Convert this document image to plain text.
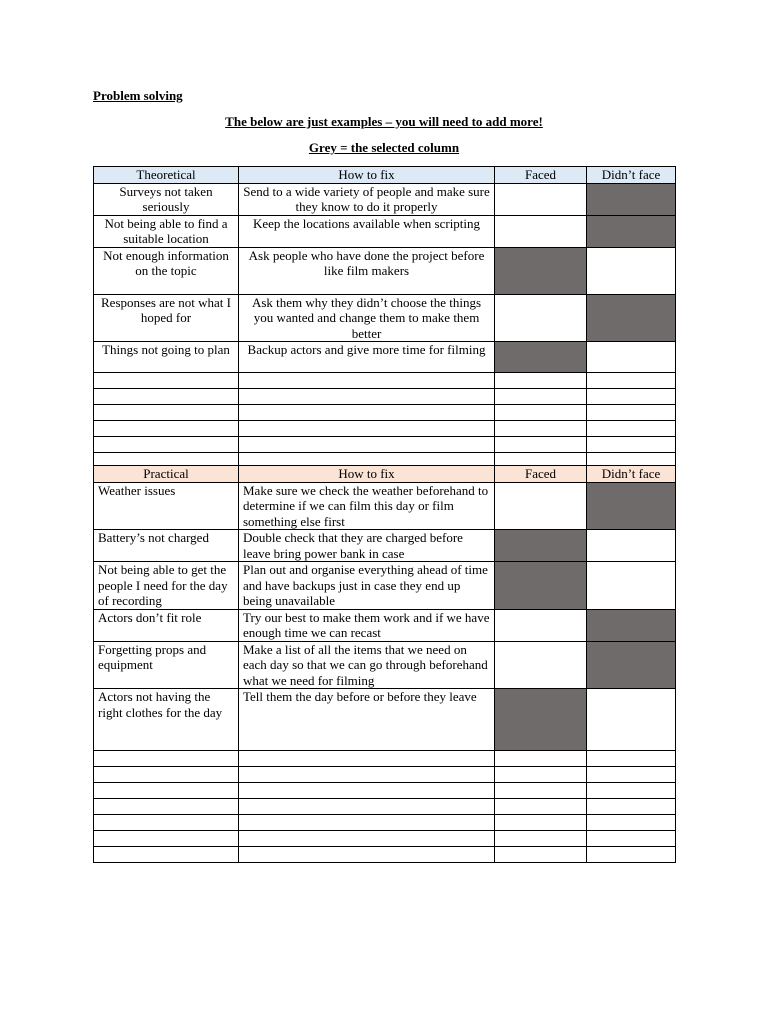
Problem solving
The below are just examples – you will need to add more!
Grey = the selected column
Theoretical	How to fix	Faced	Didn’t face
Surveys not taken seriously	Send to a wide variety of people and make sure they know to do it properly		
Not being able to find a suitable location	Keep the locations available when scripting		
Not enough information on the topic	Ask people who have done the project before like film makers		
Responses are not what I hoped for	Ask them why they didn’t choose the things you wanted and change them to make them better		
Things not going to plan	Backup actors and give more time for filming		

Practical	How to fix	Faced	Didn’t face
Weather issues	Make sure we check the weather beforehand to determine if we can film this day or film something else first		
Battery’s not charged	Double check that they are charged before leave bring power bank in case		
Not being able to get the people I need for the day of recording	Plan out and organise everything ahead of time and have backups just in case they end up being unavailable		
Actors don’t fit role	Try our best to make them work and if we have enough time we can recast		
Forgetting props and equipment	Make a list of all the items that we need on each day so that we can go through beforehand what we need for filming		
Actors not having the right clothes for the day	Tell them the day before or before they leave		
